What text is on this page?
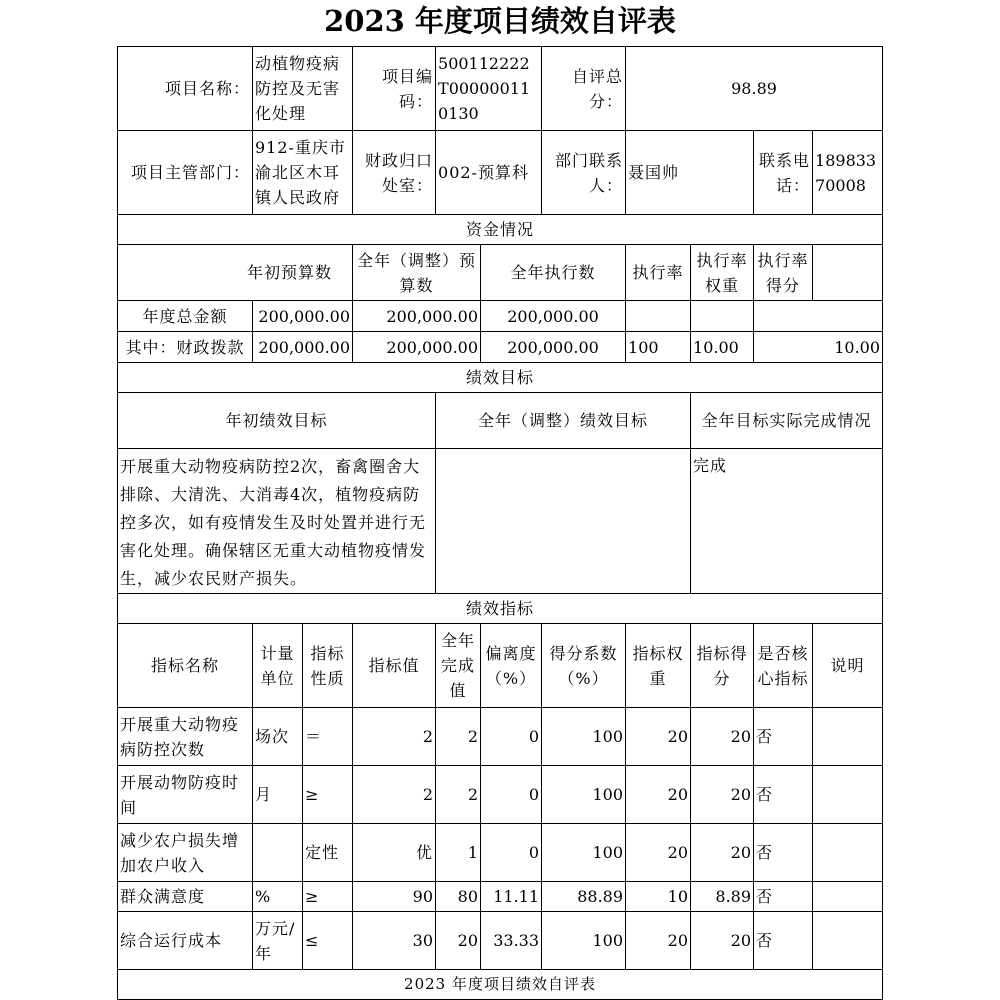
2023 年度项目绩效自评表
项目名称：	动植物疫病防控及无害化处理		项目编码：	500112222T000000110130		自评总分：	98.89			
项目主管部门：	912-重庆市渝北区木耳镇人民政府		财政归口处室：	002-预算科		部门联系人：	聂国帅		联系电话：	18983370008
资金情况										
年初预算数			全年（调整）预算数		全年执行数		执行率	执行率权重	执行率得分	
年度总金额	200,000.00		200,000.00		200,000.00					
其中：财政拨款	200,000.00		200,000.00		200,000.00		100	10.00	10.00	
绩效目标										
年初绩效目标				全年（调整）绩效目标				全年目标实际完成情况		
开展重大动物疫病防控2次，畜禽圈舍大排除、大清洗、大消毒4次，植物疫病防控多次，如有疫情发生及时处置并进行无害化处理。确保辖区无重大动植物疫情发生，减少农民财产损失。								完成		
绩效指标										
指标名称	计量单位	指标性质	指标值	全年完成值	偏离度（%）	得分系数（%）	指标权重	指标得分	是否核心指标	说明
开展重大动物疫病防控次数	场次	＝	2	2	0	100	20	20	否	
开展动物防疫时间	月	≥	2	2	0	100	20	20	否	
减少农户损失增加农户收入		定性	优	1	0	100	20	20	否	
群众满意度	%	≥	90	80	11.11	88.89	10	8.89	否	
综合运行成本	万元/年	≤	30	20	33.33	100	20	20	否	
2023 年度项目绩效自评表										
